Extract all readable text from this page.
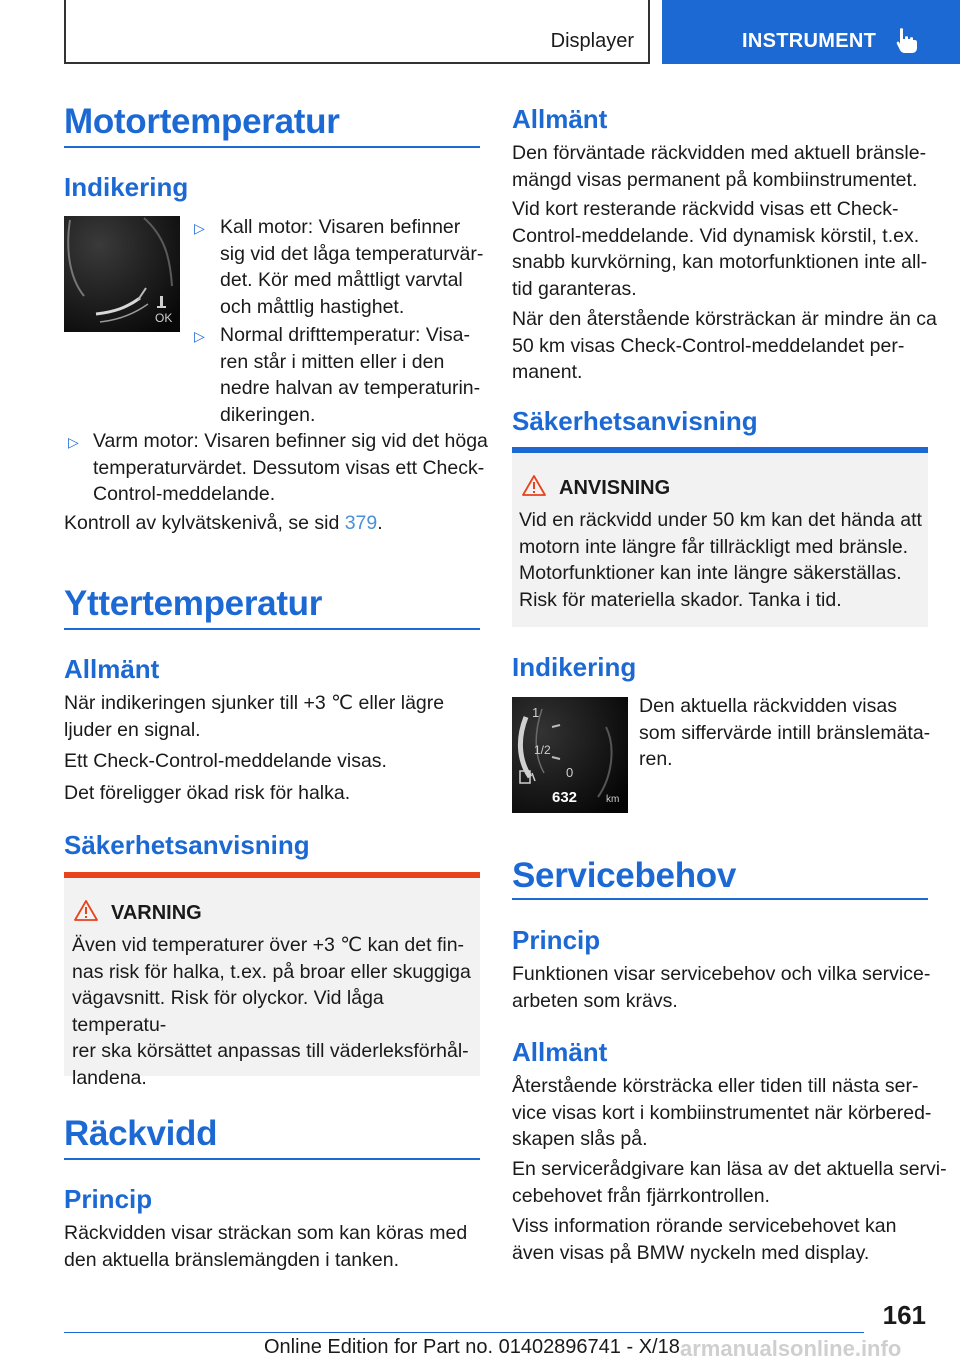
Displayer	INSTRUMENT
Motortemperatur
Indikering
OK
▷ Kall motor: Visaren befinner
sig vid det låga temperaturvär-
det. Kör med måttligt varvtal
och måttlig hastighet.
▷ Normal drifttemperatur: Visa-
ren står i mitten eller i den
nedre halvan av temperaturin-
dikeringen.
▷ Varm motor: Visaren befinner sig vid det höga
temperaturvärdet. Dessutom visas ett Check-
Control-meddelande.
Kontroll av kylvätskenivå, se sid 379.
Yttertemperatur
Allmänt
När indikeringen sjunker till +3 ℃ eller lägre
ljuder en signal.
Ett Check-Control-meddelande visas.
Det föreligger ökad risk för halka.
Säkerhetsanvisning
VARNING
Även vid temperaturer över +3 ℃ kan det fin-
nas risk för halka, t.ex. på broar eller skuggiga
vägavsnitt. Risk för olyckor. Vid låga temperatu-
rer ska körsättet anpassas till väderleksförhål-
landena.
Räckvidd
Princip
Räckvidden visar sträckan som kan köras med
den aktuella bränslemängden i tanken.
Allmänt
Den förväntade räckvidden med aktuell bränsle-
mängd visas permanent på kombiinstrumentet.
Vid kort resterande räckvidd visas ett Check-
Control-meddelande. Vid dynamisk körstil, t.ex.
snabb kurvkörning, kan motorfunktionen inte all-
tid garanteras.
När den återstående körsträckan är mindre än ca
50 km visas Check-Control-meddelandet per-
manent.
Säkerhetsanvisning
ANVISNING
Vid en räckvidd under 50 km kan det hända att
motorn inte längre får tillräckligt med bränsle.
Motorfunktioner kan inte längre säkerställas.
Risk för materiella skador. Tanka i tid.
Indikering
1
1/2
0
632	km
Den aktuella räckvidden visas
som siffervärde intill bränslemäta-
ren.
Servicebehov
Princip
Funktionen visar servicebehov och vilka service-
arbeten som krävs.
Allmänt
Återstående körsträcka eller tiden till nästa ser-
vice visas kort i kombiinstrumentet när körbered-
skapen slås på.
En servicerådgivare kan läsa av det aktuella servi-
cebehovet från fjärrkontrollen.
Viss information rörande servicebehovet kan
även visas på BMW nyckeln med display.
161
Online Edition for Part no. 01402896741 - X/18 armanualsonline.info
